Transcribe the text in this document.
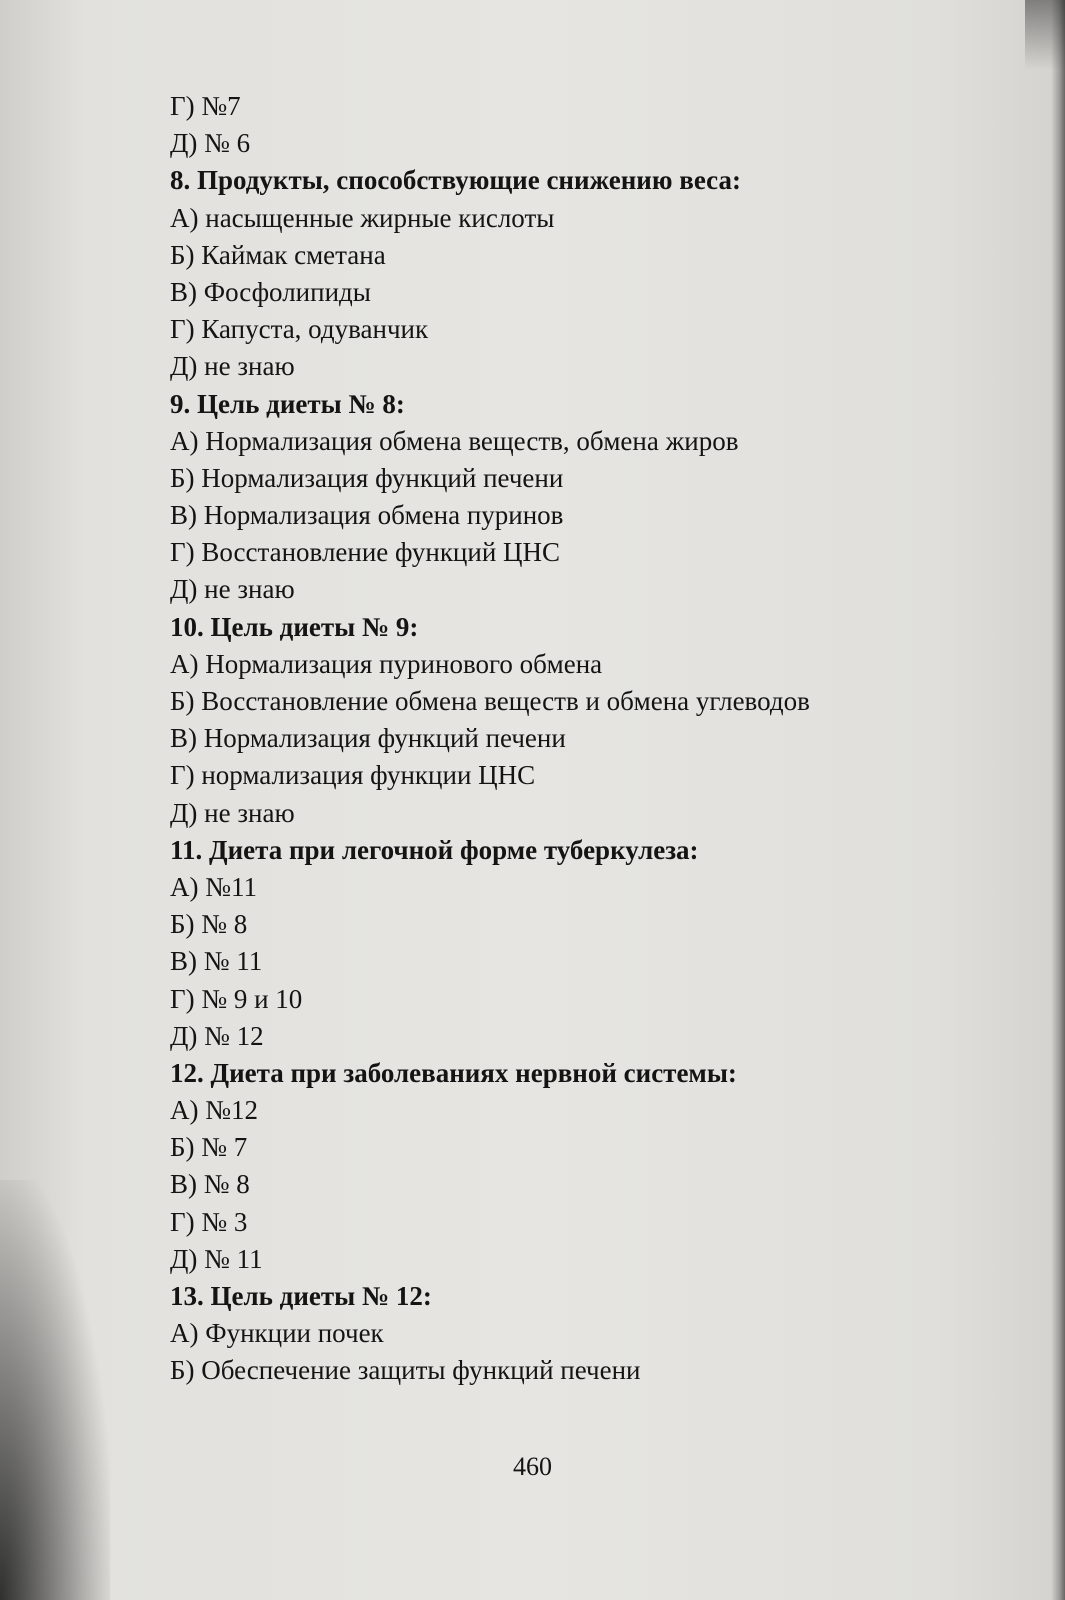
Г) №7
Д) № 6
8. Продукты, способствующие снижению веса:
А) насыщенные жирные кислоты
Б) Каймак сметана
В) Фосфолипиды
Г) Капуста, одуванчик
Д) не знаю
9. Цель диеты № 8:
А) Нормализация обмена веществ, обмена жиров
Б) Нормализация функций печени
В) Нормализация обмена пуринов
Г) Восстановление функций ЦНС
Д) не знаю
10. Цель диеты № 9:
А) Нормализация пуринового обмена
Б) Восстановление обмена веществ и обмена углеводов
В) Нормализация функций печени
Г) нормализация функции ЦНС
Д) не знаю
11. Диета при легочной форме туберкулеза:
А) №11
Б) № 8
В) № 11
Г) № 9 и 10
Д) № 12
12. Диета при заболеваниях нервной системы:
А) №12
Б) № 7
В) № 8
Г) № 3
Д) № 11
13. Цель диеты № 12:
А) Функции почек
Б) Обеспечение защиты функций печени
460
